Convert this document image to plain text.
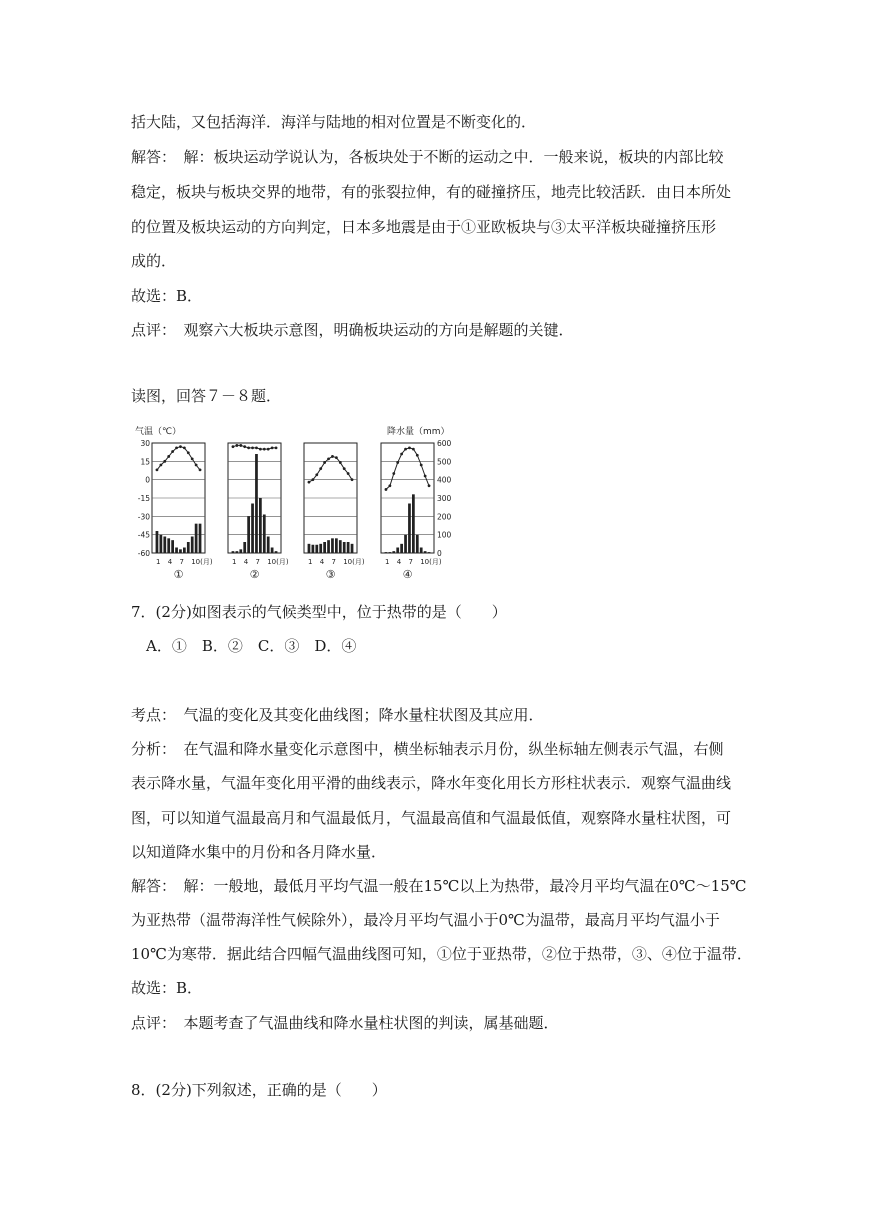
括大陆，又包括海洋．海洋与陆地的相对位置是不断变化的．
解答：　解：板块运动学说认为，各板块处于不断的运动之中．一般来说，板块的内部比较
稳定，板块与板块交界的地带，有的张裂拉伸，有的碰撞挤压，地壳比较活跃．由日本所处
的位置及板块运动的方向判定，日本多地震是由于①亚欧板块与③太平洋板块碰撞挤压形
成的．
故选：B．
点评：　观察六大板块示意图，明确板块运动的方向是解题的关键．
读图，回答７－８题．
7．(2分)如图表示的气候类型中，位于热带的是（　　）
　A．①　B．②　C．③　D．④
考点：　气温的变化及其变化曲线图；降水量柱状图及其应用．
分析：　在气温和降水量变化示意图中，横坐标轴表示月份，纵坐标轴左侧表示气温，右侧
表示降水量，气温年变化用平滑的曲线表示，降水年变化用长方形柱状表示．观察气温曲线
图，可以知道气温最高月和气温最低月，气温最高值和气温最低值，观察降水量柱状图，可
以知道降水集中的月份和各月降水量．
解答：　解：一般地，最低月平均气温一般在15℃以上为热带，最冷月平均气温在0℃～15℃
为亚热带（温带海洋性气候除外），最冷月平均气温小于0℃为温带，最高月平均气温小于
10℃为寒带．据此结合四幅气温曲线图可知，①位于亚热带，②位于热带，③、④位于温带．
故选：B．
点评：　本题考查了气温曲线和降水量柱状图的判读，属基础题．
8．(2分)下列叙述，正确的是（　　）
气温（℃）	降水量（mm）
30
15
0
-15
-30
-45
-60
600
500
400
300
200
100
0
1 4 7 10(月)
①
1 4 7 10(月)
②
1 4 7 10(月)
③
1 4 7 10(月)
④
